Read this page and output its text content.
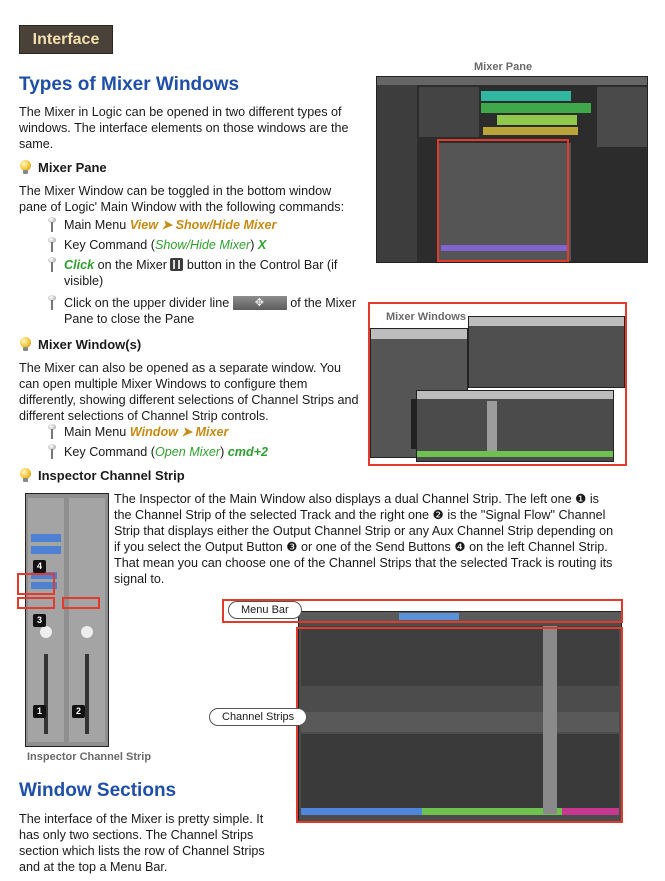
Interface
Types of Mixer Windows

The Mixer in Logic can be opened in two different types of windows. The interface elements on those windows are the same.

Mixer Pane

The Mixer Window can be toggled in the bottom window pane of Logic' Main Window with the following commands:

Main Menu View ➤ Show/Hide Mixer
Key Command (Show/Hide Mixer) X
Click on the Mixer  button in the Control Bar (if visible)
Click on the upper divider line ✥	of the Mixer Pane to close the Pane
Mixer Pane
Mixer Window(s)

The Mixer can also be opened as a separate window. You can open multiple Mixer Windows to configure them differently, showing different selections of Channel Strips and different selections of Channel Strip controls.

Main Menu Window ➤ Mixer
Key Command (Open Mixer) cmd+2
Mixer Windows
Inspector Channel Strip

The Inspector of the Main Window also displays a dual Channel Strip. The left one ❶ is the Channel Strip of the selected Track and the right one ❷ is the "Signal Flow" Channel Strip that displays either the Output Channel Strip or any Aux Channel Strip depending on if you select the Output Button ❸ or one of the Send Buttons ❹ on the left Channel Strip. That mean you can choose one of the Channel Strips that the selected Track is routing its signal to.

4
3
1	2
Inspector Channel Strip
Window Sections

The interface of the Mixer is pretty simple. It has only two sections. The Channel Strips section which lists the row of Channel Strips and at the top a Menu Bar.

Menu Bar
Channel Strips
